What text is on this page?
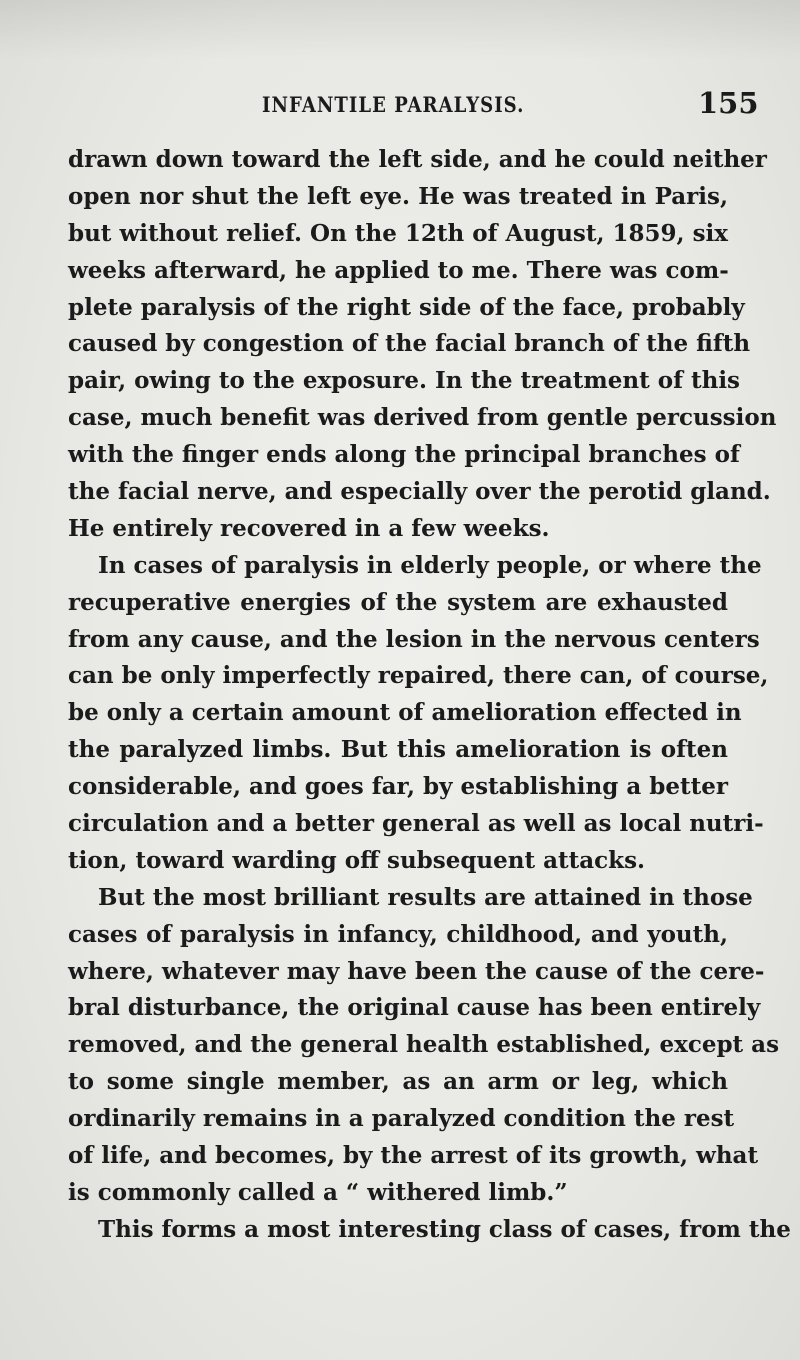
INFANTILE PARALYSIS.	155
drawn down toward the left side, and he could neither
open nor shut the left eye. He was treated in Paris,
but without relief. On the 12th of August, 1859, six
weeks afterward, he applied to me. There was com-
plete paralysis of the right side of the face, probably
caused by congestion of the facial branch of the fifth
pair, owing to the exposure. In the treatment of this
case, much benefit was derived from gentle percussion
with the finger ends along the principal branches of
the facial nerve, and especially over the perotid gland.
He entirely recovered in a few weeks.
In cases of paralysis in elderly people, or where the
recuperative energies of the system are exhausted
from any cause, and the lesion in the nervous centers
can be only imperfectly repaired, there can, of course,
be only a certain amount of amelioration effected in
the paralyzed limbs. But this amelioration is often
considerable, and goes far, by establishing a better
circulation and a better general as well as local nutri-
tion, toward warding off subsequent attacks.
But the most brilliant results are attained in those
cases of paralysis in infancy, childhood, and youth,
where, whatever may have been the cause of the cere-
bral disturbance, the original cause has been entirely
removed, and the general health established, except as
to some single member, as an arm or leg, which
ordinarily remains in a paralyzed condition the rest
of life, and becomes, by the arrest of its growth, what
is commonly called a “ withered limb.”
This forms a most interesting class of cases, from the
